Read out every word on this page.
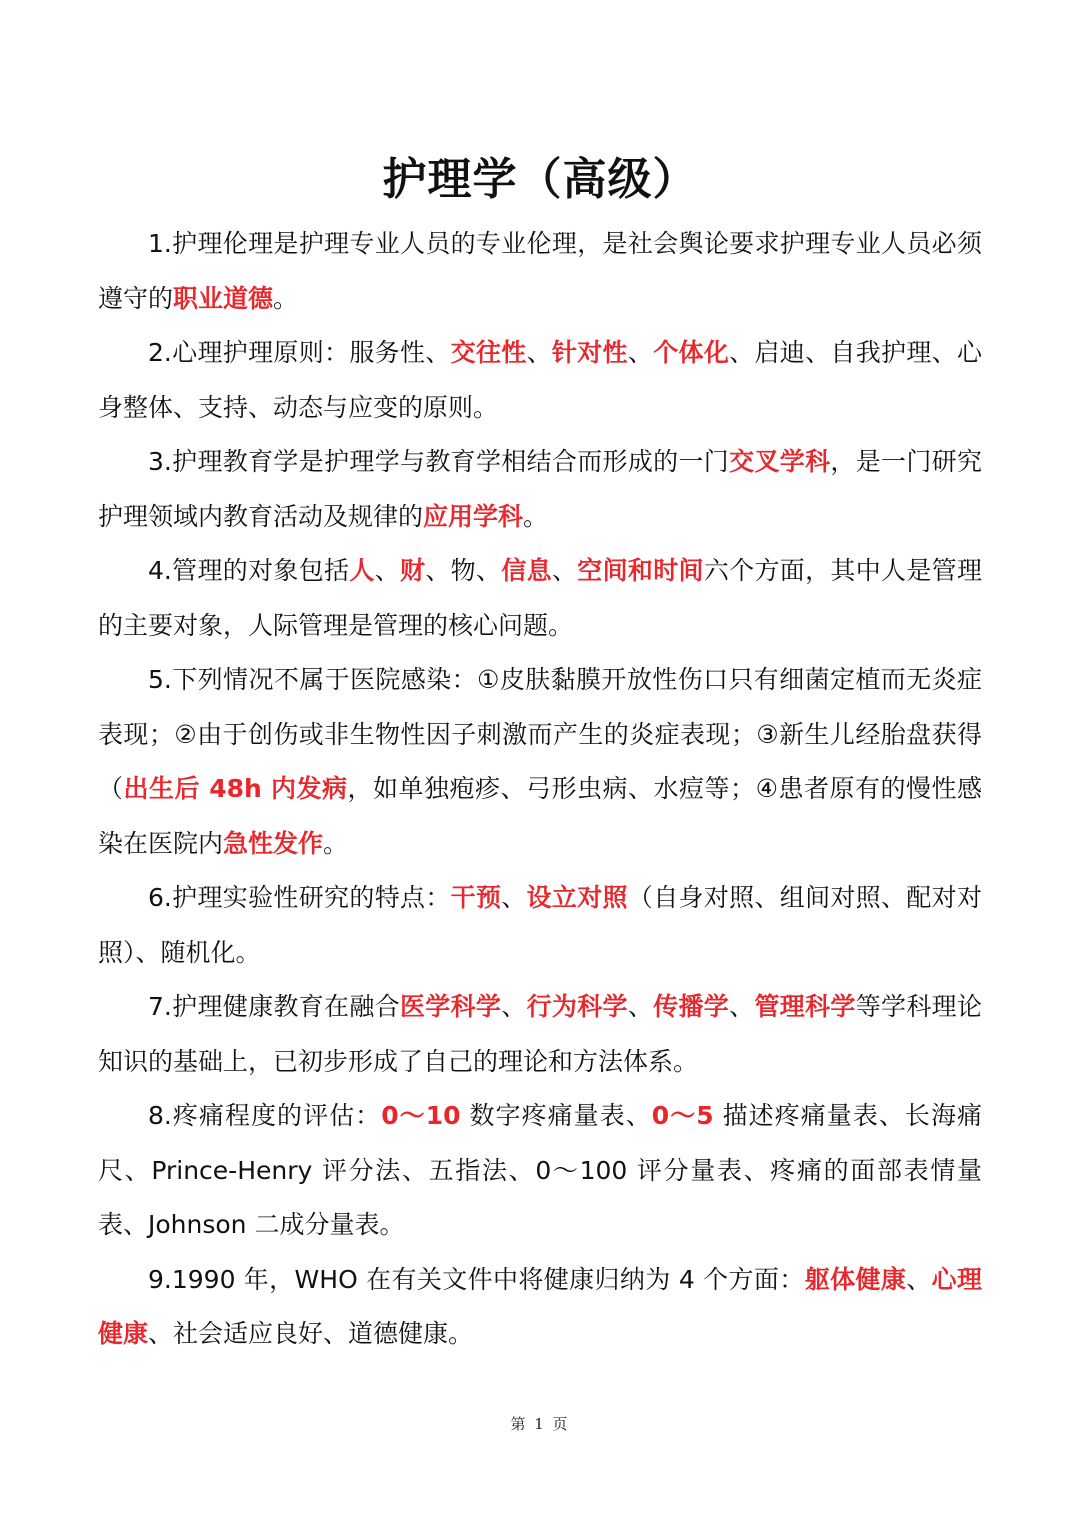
护理学（高级）

1.护理伦理是护理专业人员的专业伦理，是社会舆论要求护理专业人员必须遵守的职业道德。

2.心理护理原则：服务性、交往性、针对性、个体化、启迪、自我护理、心身整体、支持、动态与应变的原则。

3.护理教育学是护理学与教育学相结合而形成的一门交叉学科，是一门研究护理领域内教育活动及规律的应用学科。

4.管理的对象包括人、财、物、信息、空间和时间六个方面，其中人是管理的主要对象，人际管理是管理的核心问题。

5.下列情况不属于医院感染：①皮肤黏膜开放性伤口只有细菌定植而无炎症表现；②由于创伤或非生物性因子刺激而产生的炎症表现；③新生儿经胎盘获得（出生后 48h 内发病，如单独疱疹、弓形虫病、水痘等；④患者原有的慢性感染在医院内急性发作。

6.护理实验性研究的特点：干预、设立对照（自身对照、组间对照、配对对照）、随机化。

7.护理健康教育在融合医学科学、行为科学、传播学、管理科学等学科理论知识的基础上，已初步形成了自己的理论和方法体系。

8.疼痛程度的评估：0～10 数字疼痛量表、0～5 描述疼痛量表、长海痛尺、Prince-Henry 评分法、五指法、0～100 评分量表、疼痛的面部表情量表、Johnson 二成分量表。

9.1990 年，WHO 在有关文件中将健康归纳为 4 个方面：躯体健康、心理健康、社会适应良好、道德健康。

第 1 页
